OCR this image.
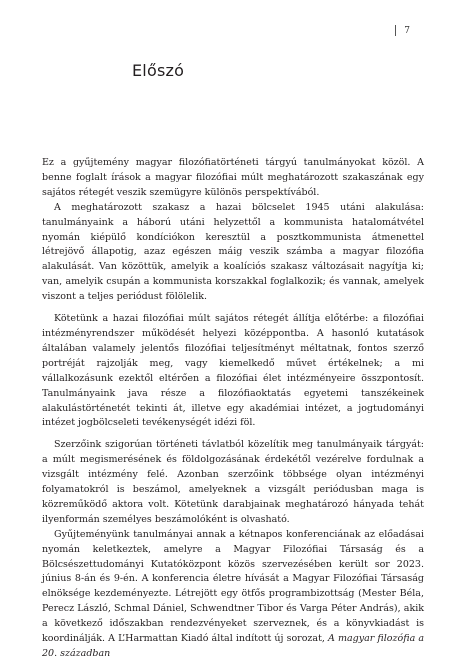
7
Előszó

Ez a gyűjtemény magyar filozófiatörténeti tárgyú tanulmányokat közöl. A benne foglalt írások a magyar filozófiai múlt meghatározott szakaszának egy sajátos rétegét veszik szemügyre különös perspektívából.

A meghatározott szakasz a hazai bölcselet 1945 utáni alakulása: tanulmányaink a háború utáni helyzettől a kommunista hatalomátvétel nyomán kiépülő kondíciókon keresztül a posztkommunista átmenettel létrejövő állapotig, azaz egészen máig veszik számba a magyar filozófia alakulását. Van közöttük, amelyik a koalíciós szakasz változásait nagyítja ki; van, amelyik csupán a kommunista korszakkal foglalkozik; és vannak, amelyek viszont a teljes periódust fölölelik.

Kötetünk a hazai filozófiai múlt sajátos rétegét állítja előtérbe: a filozófiai intézményrendszer működését helyezi középpontba. A hasonló kutatások általában valamely jelentős filozófiai teljesítményt méltatnak, fontos szerző portréját rajzolják meg, vagy kiemelkedő művet értékelnek; a mi vállalkozásunk ezektől eltérően a filozófiai élet intézményeire összpontosít. Tanulmányaink java része a filozófiaoktatás egyetemi tanszékeinek alakulástörténetét tekinti át, illetve egy akadémiai intézet, a jogtudományi intézet jogbölcseleti tevékenységét idézi föl.

Szerzőink szigorúan történeti távlatból közelítik meg tanulmányaik tárgyát: a múlt megismerésének és földolgozásának érdekétől vezérelve fordulnak a vizsgált intézmény felé. Azonban szerzőink többsége olyan intézményi folyamatokról is beszámol, amelyeknek a vizsgált periódusban maga is közreműködő aktora volt. Kötetünk darabjainak meghatározó hányada tehát ilyenformán személyes beszámolóként is olvasható.

Gyűjteményünk tanulmányai annak a kétnapos konferenciának az előadásai nyomán keletkeztek, amelyre a Magyar Filozófiai Társaság és a Bölcsészettudományi Kutatóközpont közös szervezésében került sor 2023. június 8-án és 9-én. A konferencia életre hívását a Magyar Filozófiai Társaság elnöksége kezdeményezte. Létrejött egy ötfős programbizottság (Mester Béla, Perecz László, Schmal Dániel, Schwendtner Tibor és Varga Péter András), akik a következő időszakban rendezvényeket szerveznek, és a könyvkiadást is koordinálják. A L’Harmattan Kiadó által indított új sorozat, A magyar filozófia a 20. században
